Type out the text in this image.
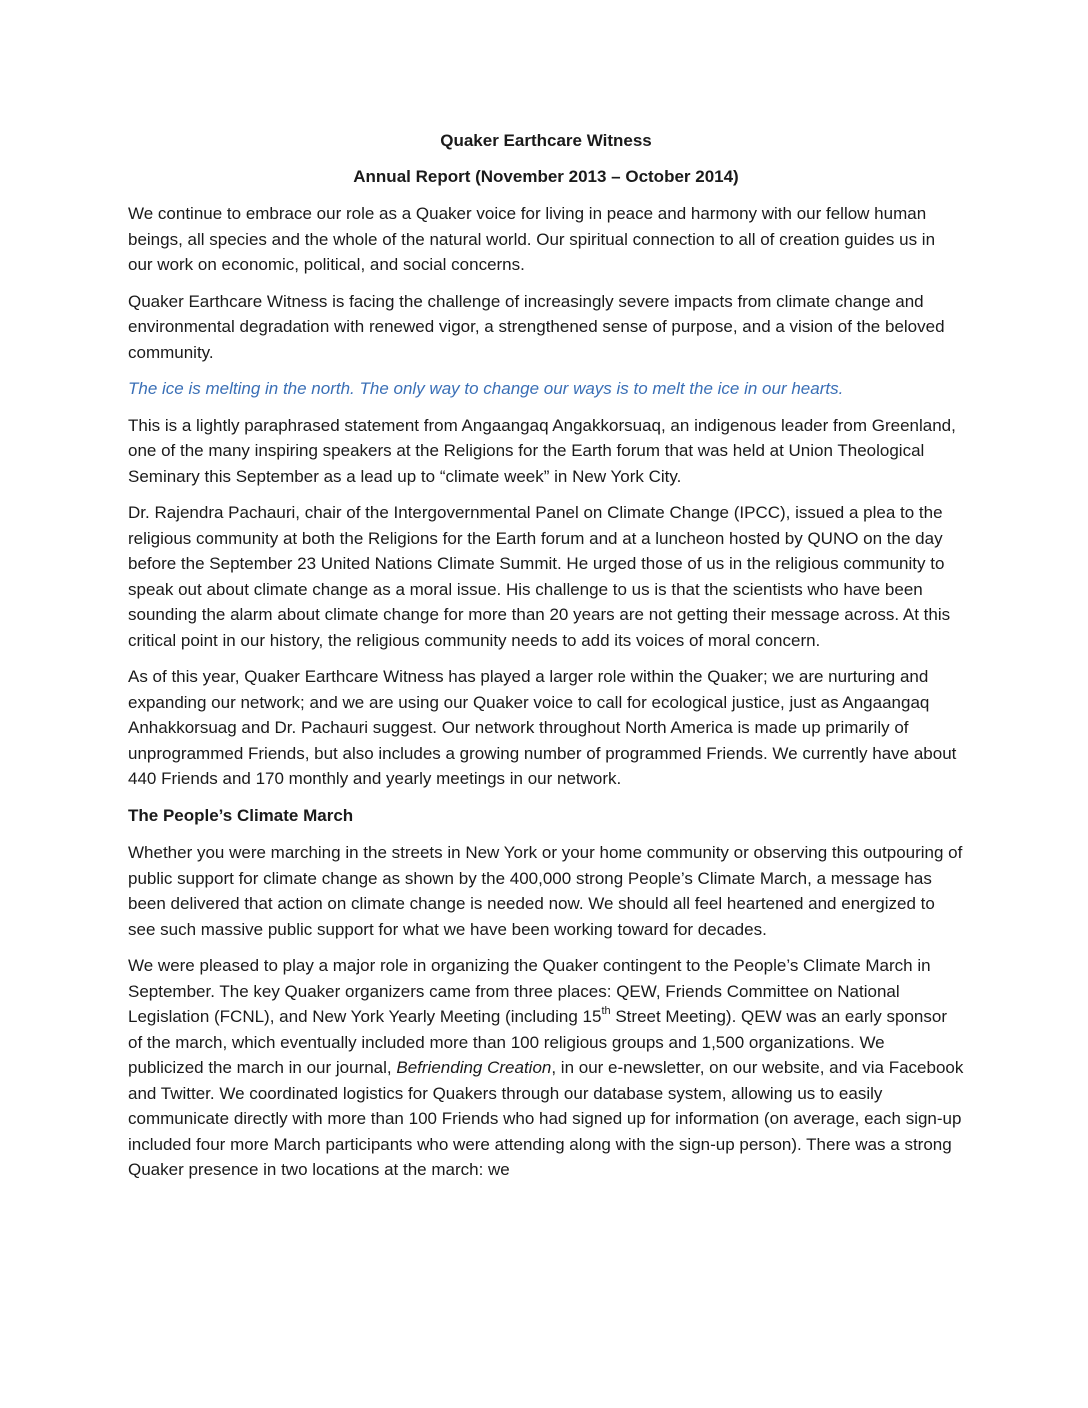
Quaker Earthcare Witness
Annual Report (November 2013 – October 2014)

We continue to embrace our role as a Quaker voice for living in peace and harmony with our fellow human beings, all species and the whole of the natural world. Our spiritual connection to all of creation guides us in our work on economic, political, and social concerns.

Quaker Earthcare Witness is facing the challenge of increasingly severe impacts from climate change and environmental degradation with renewed vigor, a strengthened sense of purpose, and a vision of the beloved community.

The ice is melting in the north. The only way to change our ways is to melt the ice in our hearts.

This is a lightly paraphrased statement from Angaangaq Angakkorsuaq, an indigenous leader from Greenland, one of the many inspiring speakers at the Religions for the Earth forum that was held at Union Theological Seminary this September as a lead up to “climate week” in New York City.

Dr. Rajendra Pachauri, chair of the Intergovernmental Panel on Climate Change (IPCC), issued a plea to the religious community at both the Religions for the Earth forum and at a luncheon hosted by QUNO on the day before the September 23 United Nations Climate Summit. He urged those of us in the religious community to speak out about climate change as a moral issue. His challenge to us is that the scientists who have been sounding the alarm about climate change for more than 20 years are not getting their message across. At this critical point in our history, the religious community needs to add its voices of moral concern.

As of this year, Quaker Earthcare Witness has played a larger role within the Quaker; we are nurturing and expanding our network; and we are using our Quaker voice to call for ecological justice, just as Angaangaq Anhakkorsuag and Dr. Pachauri suggest. Our network throughout North America is made up primarily of unprogrammed Friends, but also includes a growing number of programmed Friends. We currently have about 440 Friends and 170 monthly and yearly meetings in our network.

The People’s Climate March

Whether you were marching in the streets in New York or your home community or observing this outpouring of public support for climate change as shown by the 400,000 strong People’s Climate March, a message has been delivered that action on climate change is needed now. We should all feel heartened and energized to see such massive public support for what we have been working toward for decades.

We were pleased to play a major role in organizing the Quaker contingent to the People’s Climate March in September. The key Quaker organizers came from three places: QEW, Friends Committee on National Legislation (FCNL), and New York Yearly Meeting (including 15th Street Meeting). QEW was an early sponsor of the march, which eventually included more than 100 religious groups and 1,500 organizations. We publicized the march in our journal, Befriending Creation, in our e-newsletter, on our website, and via Facebook and Twitter. We coordinated logistics for Quakers through our database system, allowing us to easily communicate directly with more than 100 Friends who had signed up for information (on average, each sign-up included four more March participants who were attending along with the sign-up person). There was a strong Quaker presence in two locations at the march: we
